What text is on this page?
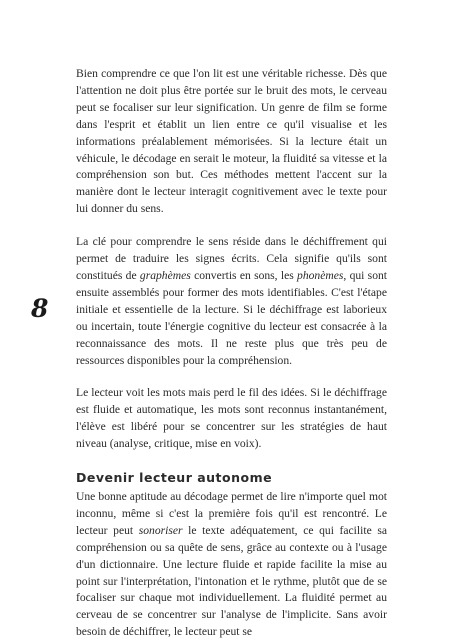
8

Bien comprendre ce que l'on lit est une véritable richesse. Dès que l'attention ne doit plus être portée sur le bruit des mots, le cerveau peut se focaliser sur leur signification. Un genre de film se forme dans l'esprit et établit un lien entre ce qu'il visualise et les informations préalablement mémorisées. Si la lecture était un véhicule, le décodage en serait le moteur, la fluidité sa vitesse et la compréhension son but. Ces méthodes mettent l'accent sur la manière dont le lecteur interagit cognitivement avec le texte pour lui donner du sens.

La clé pour comprendre le sens réside dans le déchiffrement qui permet de traduire les signes écrits. Cela signifie qu'ils sont constitués de graphèmes convertis en sons, les phonèmes, qui sont ensuite assemblés pour former des mots identifiables. C'est l'étape initiale et essentielle de la lecture. Si le déchiffrage est laborieux ou incertain, toute l'énergie cognitive du lecteur est consacrée à la reconnaissance des mots. Il ne reste plus que très peu de ressources disponibles pour la compréhension.

Le lecteur voit les mots mais perd le fil des idées. Si le déchiffrage est fluide et automatique, les mots sont reconnus instantanément, l'élève est libéré pour se concentrer sur les stratégies de haut niveau (analyse, critique, mise en voix).

Devenir lecteur autonome

Une bonne aptitude au décodage permet de lire n'importe quel mot inconnu, même si c'est la première fois qu'il est rencontré. Le lecteur peut sonoriser le texte adéquatement, ce qui facilite sa compréhension ou sa quête de sens, grâce au contexte ou à l'usage d'un dictionnaire. Une lecture fluide et rapide facilite la mise au point sur l'interprétation, l'intonation et le rythme, plutôt que de se focaliser sur chaque mot individuellement. La fluidité permet au cerveau de se concentrer sur l'analyse de l'implicite. Sans avoir besoin de déchiffrer, le lecteur peut se
